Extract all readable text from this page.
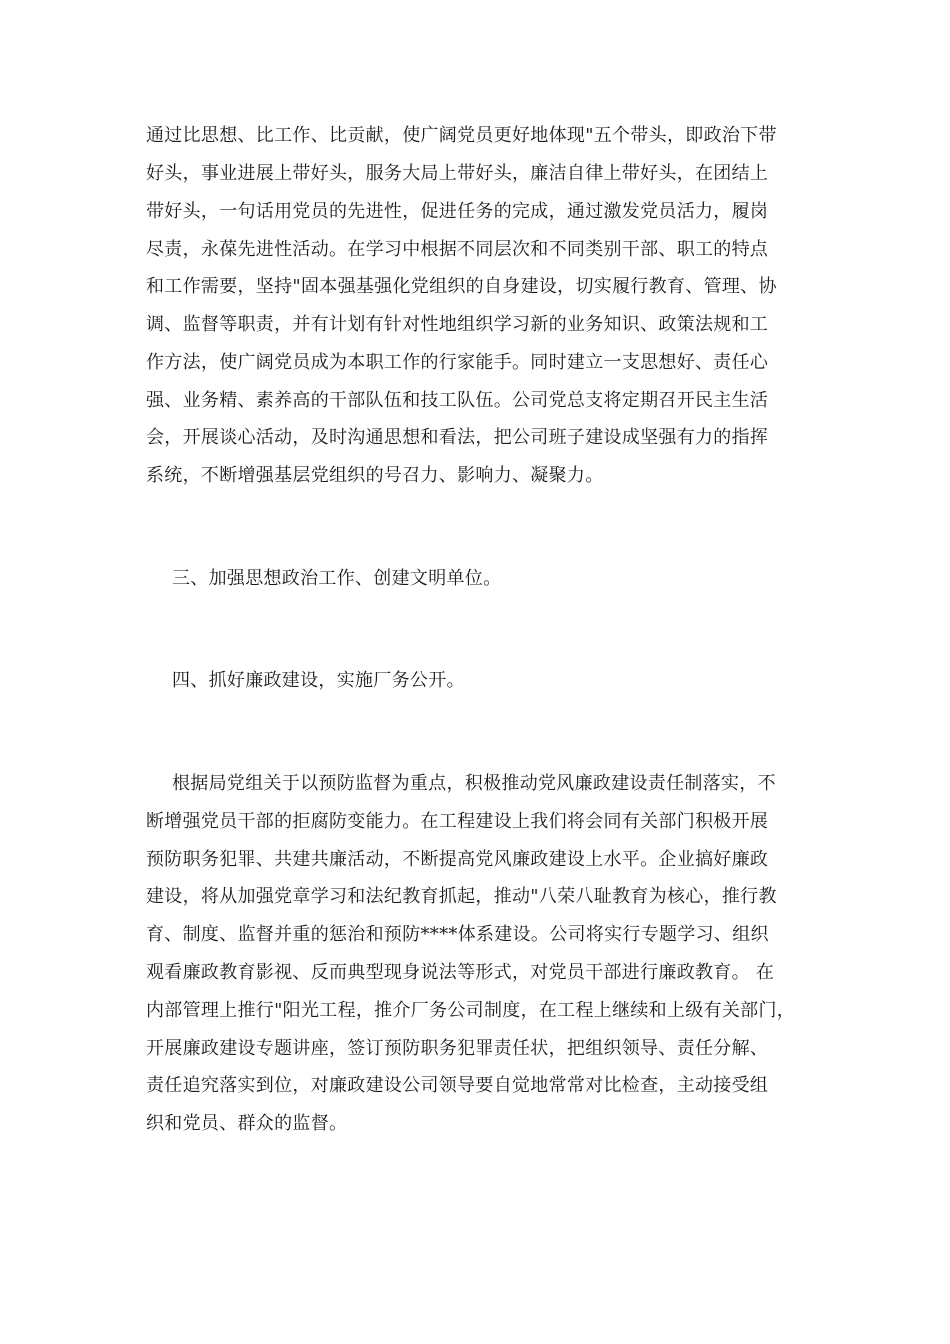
通过比思想、比工作、比贡献，使广阔党员更好地体现"五个带头，即政治下带
好头，事业进展上带好头，服务大局上带好头，廉洁自律上带好头，在团结上
带好头，一句话用党员的先进性，促进任务的完成，通过激发党员活力，履岗
尽责，永葆先进性活动。在学习中根据不同层次和不同类别干部、职工的特点
和工作需要，坚持"固本强基强化党组织的自身建设，切实履行教育、管理、协
调、监督等职责，并有计划有针对性地组织学习新的业务知识、政策法规和工
作方法，使广阔党员成为本职工作的行家能手。同时建立一支思想好、责任心
强、业务精、素养高的干部队伍和技工队伍。公司党总支将定期召开民主生活
会，开展谈心活动，及时沟通思想和看法，把公司班子建设成坚强有力的指挥
系统，不断增强基层党组织的号召力、影响力、凝聚力。
三、加强思想政治工作、创建文明单位。
四、抓好廉政建设，实施厂务公开。
根据局党组关于以预防监督为重点，积极推动党风廉政建设责任制落实，不
断增强党员干部的拒腐防变能力。在工程建设上我们将会同有关部门积极开展
预防职务犯罪、共建共廉活动，不断提高党风廉政建设上水平。企业搞好廉政
建设，将从加强党章学习和法纪教育抓起，推动"八荣八耻教育为核心，推行教
育、制度、监督并重的惩治和预防****体系建设。公司将实行专题学习、组织
观看廉政教育影视、反而典型现身说法等形式，对党员干部进行廉政教育。 在
内部管理上推行"阳光工程，推介厂务公司制度，在工程上继续和上级有关部门，
开展廉政建设专题讲座，签订预防职务犯罪责任状，把组织领导、责任分解、
责任追究落实到位，对廉政建设公司领导要自觉地常常对比检查，主动接受组
织和党员、群众的监督。
